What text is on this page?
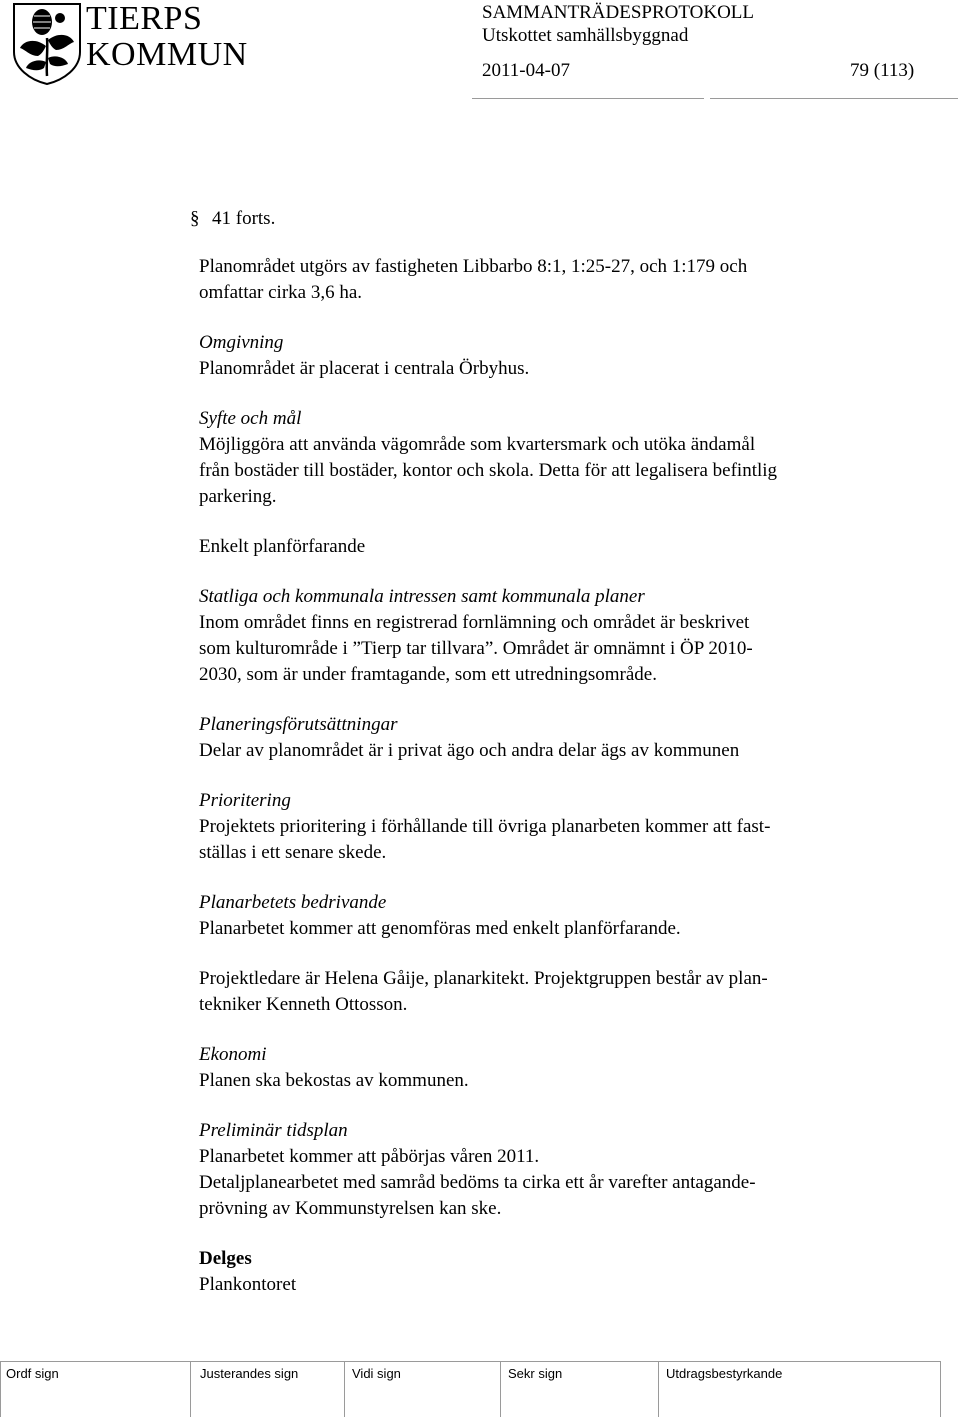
TIERPS
KOMMUN
SAMMANTRÄDESPROTOKOLL
Utskottet samhällsbyggnad
2011-04-07	79 (113)
§ 41 forts.
Planområdet utgörs av fastigheten Libbarbo 8:1, 1:25-27, och 1:179 och
omfattar cirka 3,6 ha.
Omgivning
Planområdet är placerat i centrala Örbyhus.
Syfte och mål
Möjliggöra att använda vägområde som kvartersmark och utöka ändamål
från bostäder till bostäder, kontor och skola. Detta för att legalisera befintlig
parkering.
Enkelt planförfarande
Statliga och kommunala intressen samt kommunala planer
Inom området finns en registrerad fornlämning och området är beskrivet
som kulturområde i ”Tierp tar tillvara”. Området är omnämnt i ÖP 2010-
2030, som är under framtagande, som ett utredningsområde.
Planeringsförutsättningar
Delar av planområdet är i privat ägo och andra delar ägs av kommunen
Prioritering
Projektets prioritering i förhållande till övriga planarbeten kommer att fast-
ställas i ett senare skede.
Planarbetets bedrivande
Planarbetet kommer att genomföras med enkelt planförfarande.
Projektledare är Helena Gåije, planarkitekt. Projektgruppen består av plan-
tekniker Kenneth Ottosson.
Ekonomi
Planen ska bekostas av kommunen.
Preliminär tidsplan
Planarbetet kommer att påbörjas våren 2011.
Detaljplanearbetet med samråd bedöms ta cirka ett år varefter antagande-
prövning av Kommunstyrelsen kan ske.
Delges
Plankontoret
Ordf sign	Justerandes sign	Vidi sign	Sekr sign	Utdragsbestyrkande
